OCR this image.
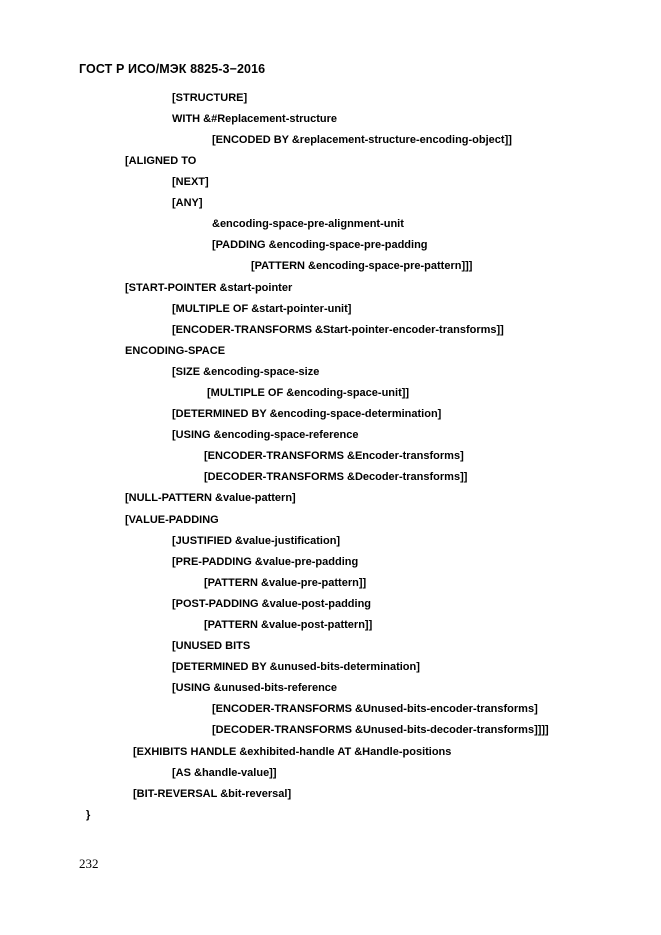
ГОСТ Р ИСО/МЭК 8825-3−2016
[STRUCTURE]
WITH &#Replacement-structure
[ENCODED BY &replacement-structure-encoding-object]]
[ALIGNED TO
[NEXT]
[ANY]
&encoding-space-pre-alignment-unit
[PADDING &encoding-space-pre-padding
[PATTERN &encoding-space-pre-pattern]]]
[START-POINTER &start-pointer
[MULTIPLE OF &start-pointer-unit]
[ENCODER-TRANSFORMS &Start-pointer-encoder-transforms]]
ENCODING-SPACE
[SIZE &encoding-space-size
[MULTIPLE OF &encoding-space-unit]]
[DETERMINED BY &encoding-space-determination]
[USING &encoding-space-reference
[ENCODER-TRANSFORMS &Encoder-transforms]
[DECODER-TRANSFORMS &Decoder-transforms]]
[NULL-PATTERN &value-pattern]
[VALUE-PADDING
[JUSTIFIED &value-justification]
[PRE-PADDING &value-pre-padding
[PATTERN &value-pre-pattern]]
[POST-PADDING &value-post-padding
[PATTERN &value-post-pattern]]
[UNUSED BITS
[DETERMINED BY &unused-bits-determination]
[USING &unused-bits-reference
[ENCODER-TRANSFORMS &Unused-bits-encoder-transforms]
[DECODER-TRANSFORMS &Unused-bits-decoder-transforms]]]]
[EXHIBITS HANDLE &exhibited-handle AT &Handle-positions
[AS &handle-value]]
[BIT-REVERSAL &bit-reversal]
}
232
